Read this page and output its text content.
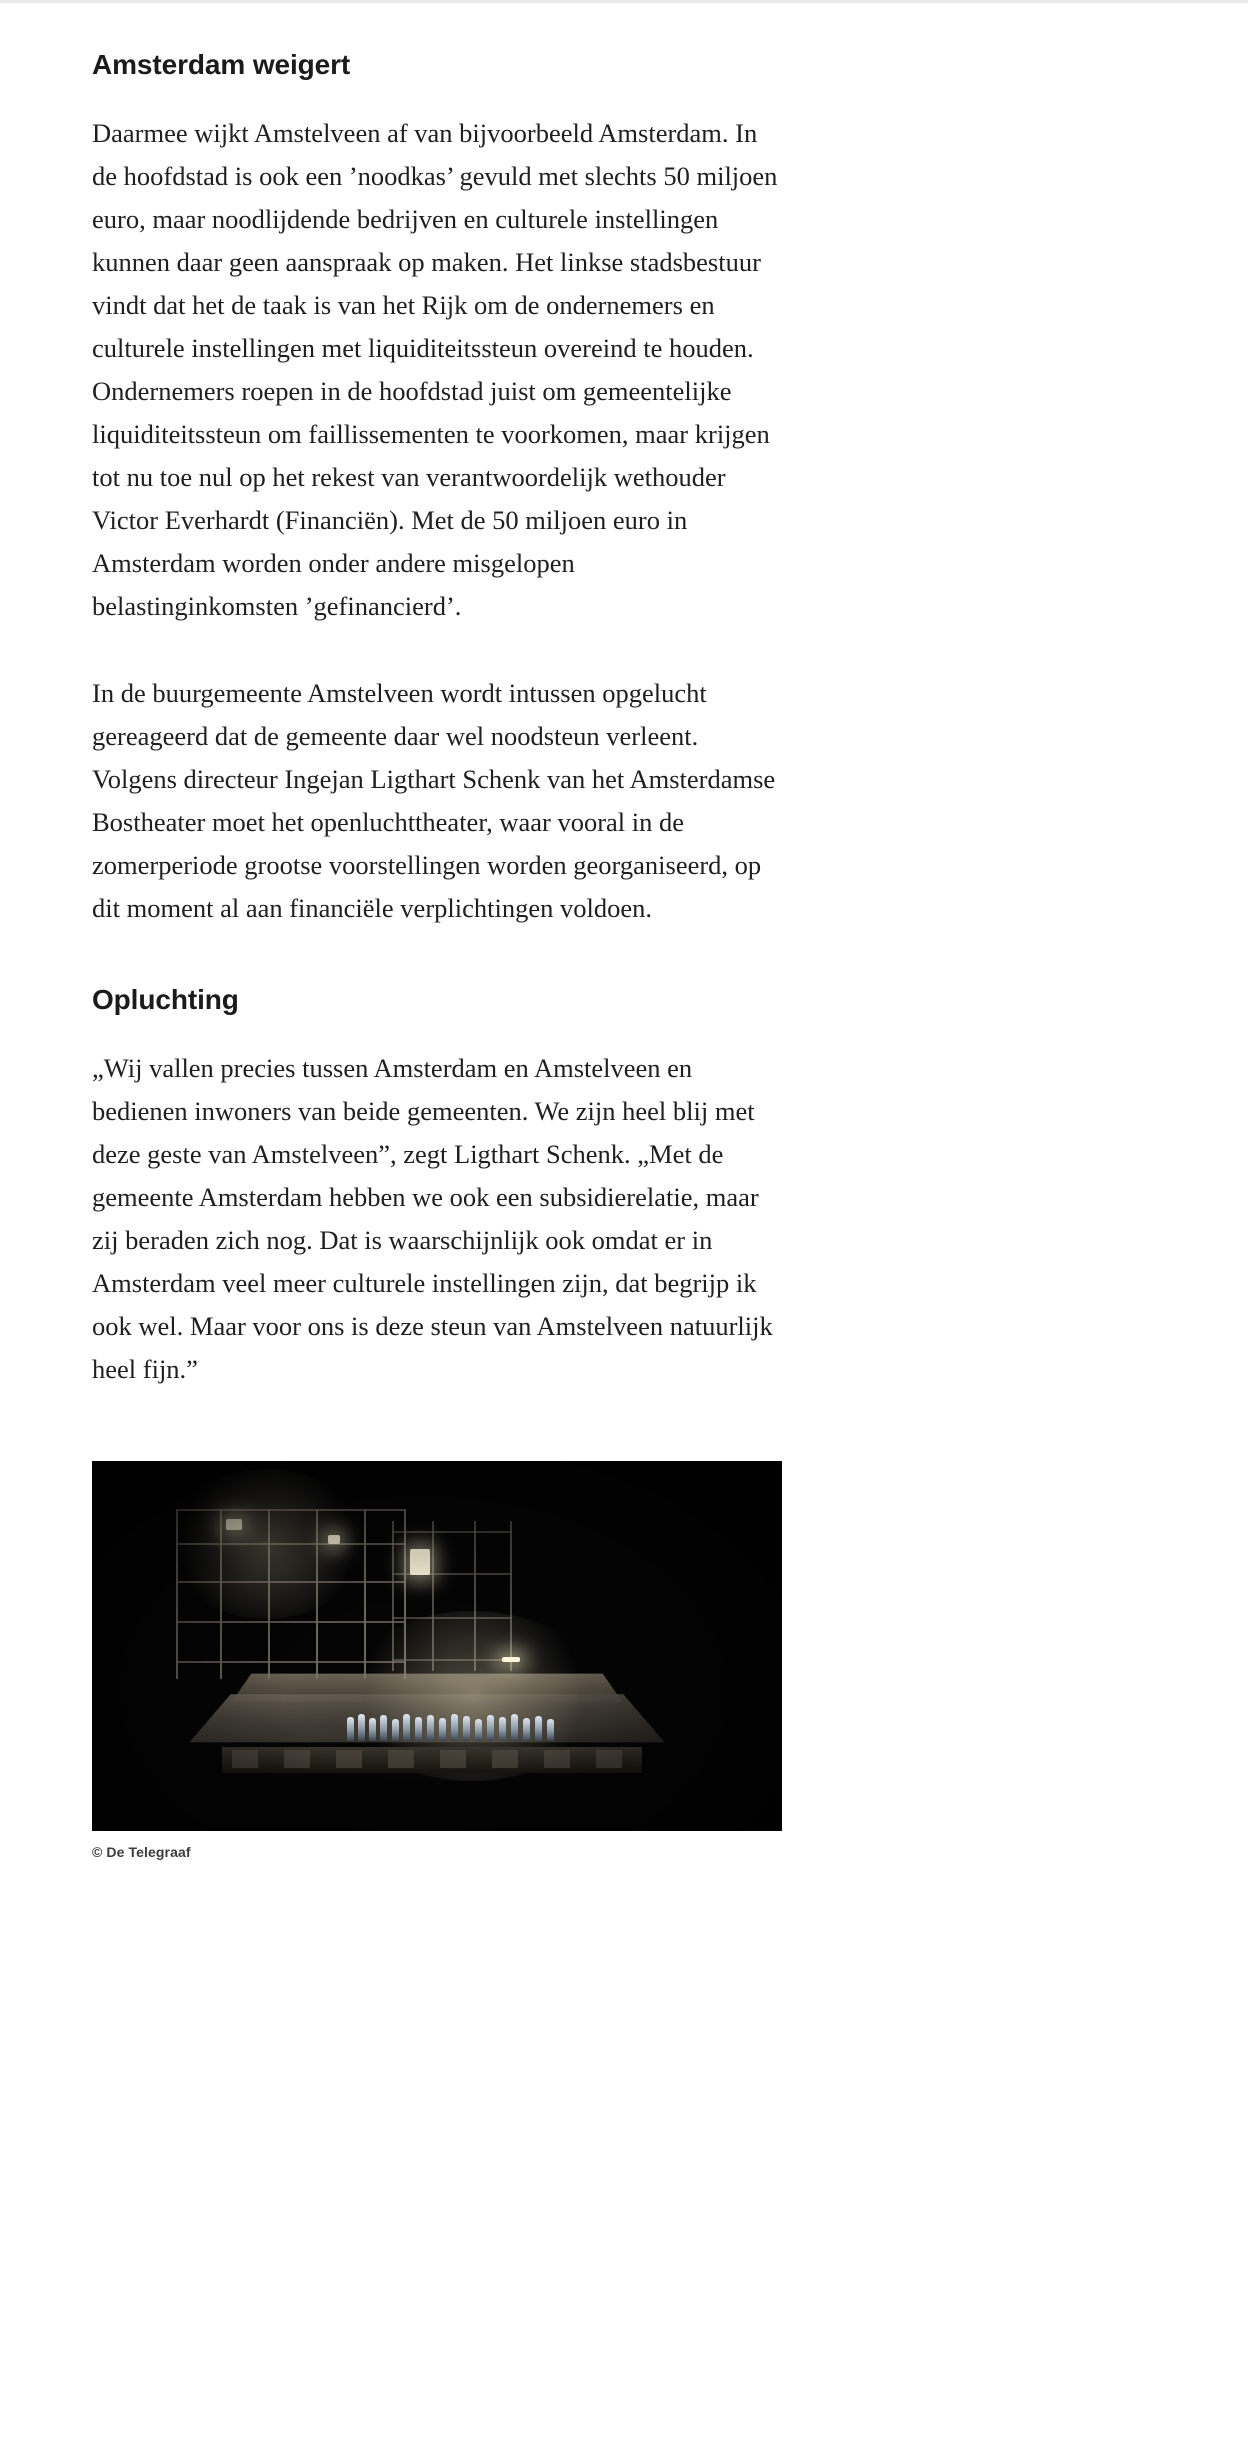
Amsterdam weigert

Daarmee wijkt Amstelveen af van bijvoorbeeld Amsterdam. In de hoofdstad is ook een ’noodkas’ gevuld met slechts 50 miljoen euro, maar noodlijdende bedrijven en culturele instellingen kunnen daar geen aanspraak op maken. Het linkse stadsbestuur vindt dat het de taak is van het Rijk om de ondernemers en culturele instellingen met liquiditeitssteun overeind te houden. Ondernemers roepen in de hoofdstad juist om gemeentelijke liquiditeitssteun om faillissementen te voorkomen, maar krijgen tot nu toe nul op het rekest van verantwoordelijk wethouder Victor Everhardt (Financiën). Met de 50 miljoen euro in Amsterdam worden onder andere misgelopen belastinginkomsten ’gefinancierd’.

In de buurgemeente Amstelveen wordt intussen opgelucht gereageerd dat de gemeente daar wel noodsteun verleent. Volgens directeur Ingejan Ligthart Schenk van het Amsterdamse Bostheater moet het openluchttheater, waar vooral in de zomerperiode grootse voorstellingen worden georganiseerd, op dit moment al aan financiële verplichtingen voldoen.

Opluchting

„Wij vallen precies tussen Amsterdam en Amstelveen en bedienen inwoners van beide gemeenten. We zijn heel blij met deze geste van Amstelveen”, zegt Ligthart Schenk. „Met de gemeente Amsterdam hebben we ook een subsidierelatie, maar zij beraden zich nog. Dat is waarschijnlijk ook omdat er in Amsterdam veel meer culturele instellingen zijn, dat begrijp ik ook wel. Maar voor ons is deze steun van Amstelveen natuurlijk heel fijn.”

© De Telegraaf
